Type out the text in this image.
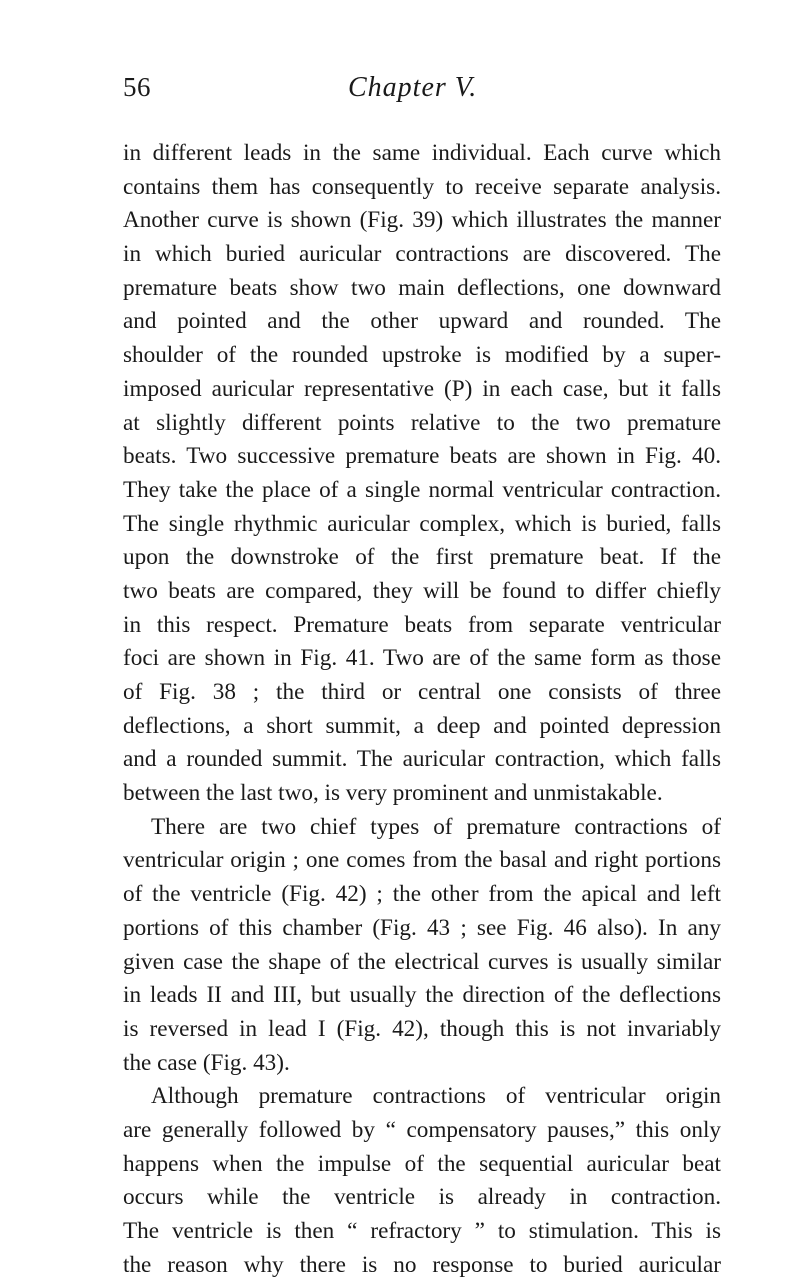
56	Chapter V.
in different leads in the same individual. Each curve which
contains them has consequently to receive separate analysis.
Another curve is shown (Fig. 39) which illustrates the manner
in which buried auricular contractions are discovered. The
premature beats show two main deflections, one downward
and pointed and the other upward and rounded. The
shoulder of the rounded upstroke is modified by a super-
imposed auricular representative (P) in each case, but it falls
at slightly different points relative to the two premature
beats. Two successive premature beats are shown in Fig. 40.
They take the place of a single normal ventricular contraction.
The single rhythmic auricular complex, which is buried, falls
upon the downstroke of the first premature beat. If the
two beats are compared, they will be found to differ chiefly
in this respect. Premature beats from separate ventricular
foci are shown in Fig. 41. Two are of the same form as those
of Fig. 38 ; the third or central one consists of three
deflections, a short summit, a deep and pointed depression
and a rounded summit. The auricular contraction, which falls
between the last two, is very prominent and unmistakable.
There are two chief types of premature contractions of
ventricular origin ; one comes from the basal and right portions
of the ventricle (Fig. 42) ; the other from the apical and left
portions of this chamber (Fig. 43 ; see Fig. 46 also). In any
given case the shape of the electrical curves is usually similar
in leads II and III, but usually the direction of the deflections
is reversed in lead I (Fig. 42), though this is not invariably
the case (Fig. 43).
Although premature contractions of ventricular origin
are generally followed by “ compensatory pauses,” this only
happens when the impulse of the sequential auricular beat
occurs while the ventricle is already in contraction.
The ventricle is then “ refractory ” to stimulation. This is
the reason why there is no response to buried auricular
